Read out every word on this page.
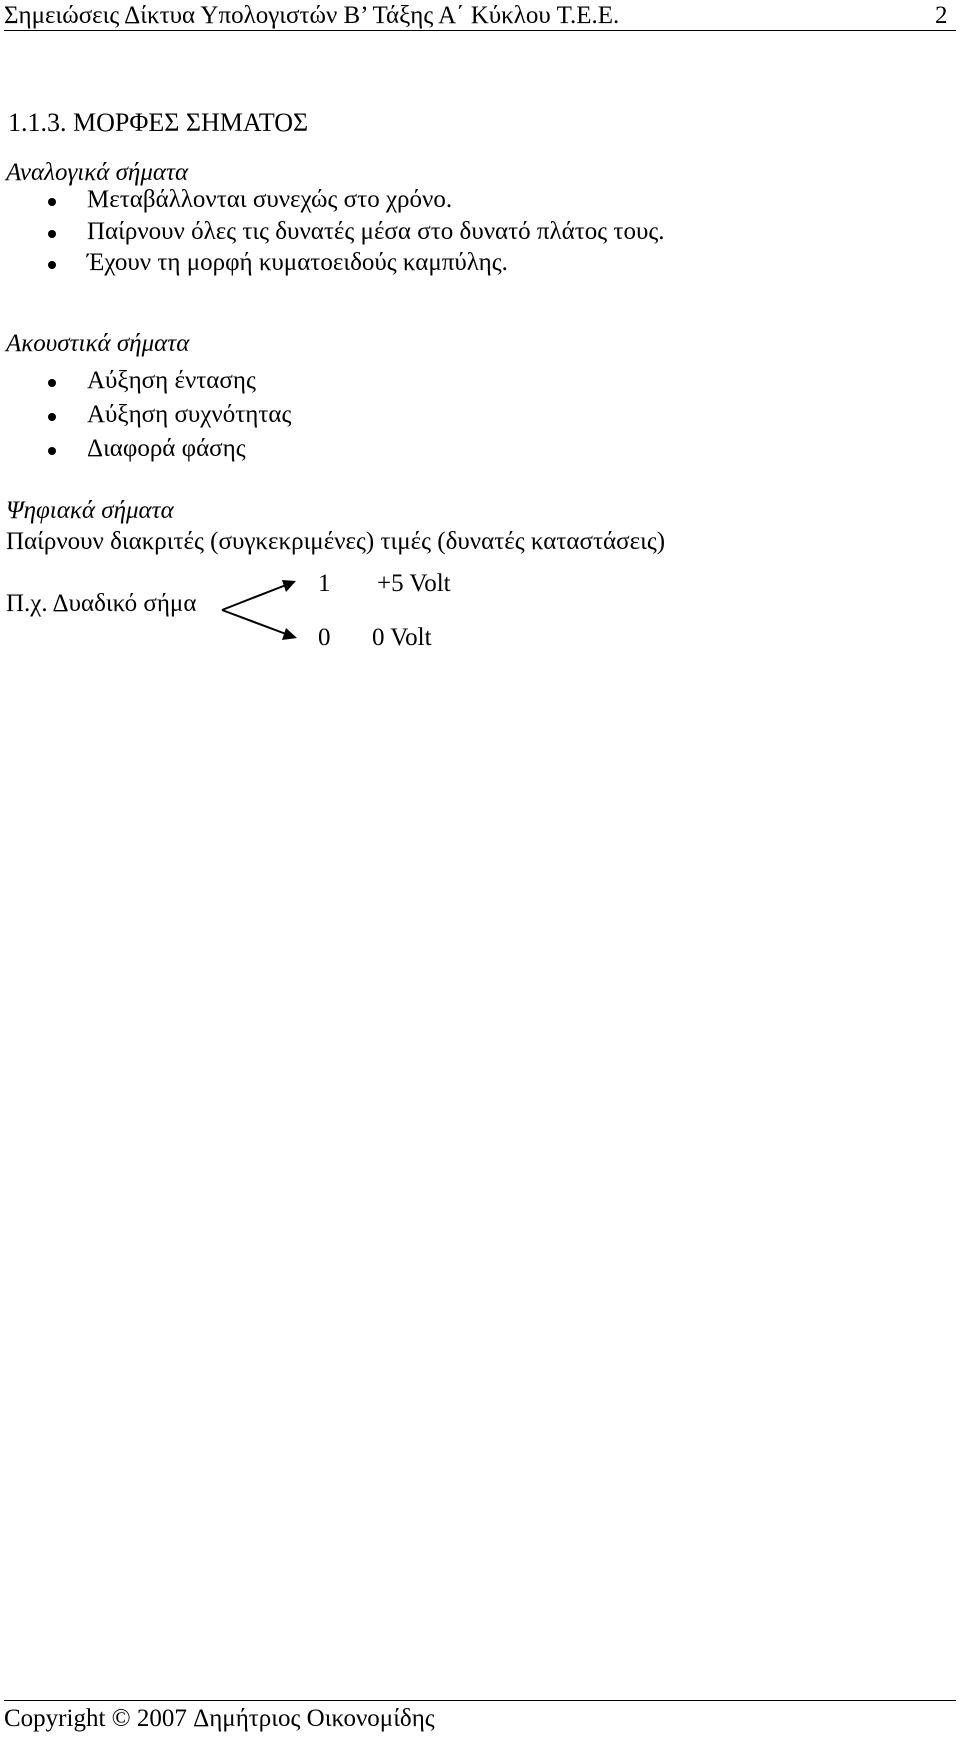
Σημειώσεις Δίκτυα Υπολογιστών Β’ Τάξης Α΄ Κύκλου Τ.Ε.Ε.	2
1.1.3. ΜΟΡΦΕΣ ΣΗΜΑΤΟΣ
Αναλογικά σήματα
Μεταβάλλονται συνεχώς στο χρόνο.
Παίρνουν όλες τις δυνατές μέσα στο δυνατό πλάτος τους.
Έχουν τη μορφή κυματοειδούς καμπύλης.
Ακουστικά σήματα
Αύξηση έντασης
Αύξηση συχνότητας
Διαφορά φάσης
Ψηφιακά σήματα
Παίρνουν διακριτές (συγκεκριμένες) τιμές (δυνατές καταστάσεις)
Π.χ. Δυαδικό σήμα
1 +5 Volt
0 0 Volt
Copyright © 2007 Δημήτριος Οικονομίδης
